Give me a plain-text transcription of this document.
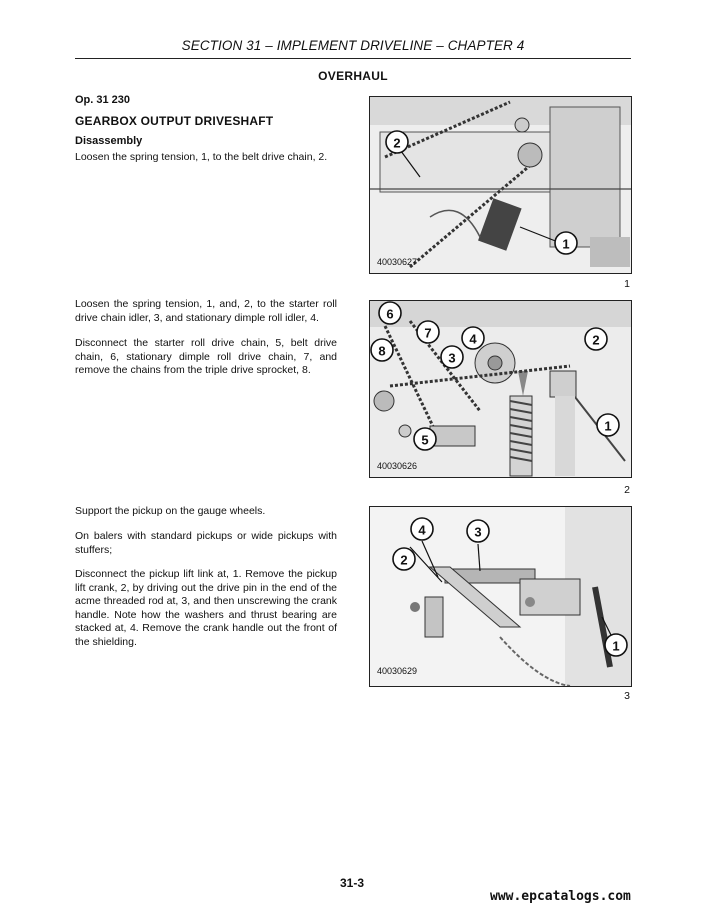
SECTION 31 – IMPLEMENT DRIVELINE – CHAPTER 4
OVERHAUL
Op. 31 230
GEARBOX OUTPUT DRIVESHAFT
Disassembly
Loosen the spring tension, 1, to the belt drive chain, 2.
Loosen the spring tension, 1, and, 2, to the starter roll drive chain idler, 3, and stationary dimple roll idler, 4.
Disconnect the starter roll drive chain, 5, belt drive chain, 6, stationary dimple roll drive chain, 7, and remove the chains from the triple drive sprocket, 8.
Support the pickup on the gauge wheels.
On balers with standard pickups or wide pickups with stuffers;
Disconnect the pickup lift link at, 1. Remove the pickup lift crank, 2, by driving out the drive pin in the end of the acme threaded rod at, 3, and then unscrewing the crank handle. Note how the washers and thrust bearing are stacked at, 4. Remove the crank handle out the front of the shielding.
2
1
40030627
1
6
7	4
8	3
2
1
5
40030626
2
4	3
2
1
40030629
3
31-3
www.epcatalogs.com
